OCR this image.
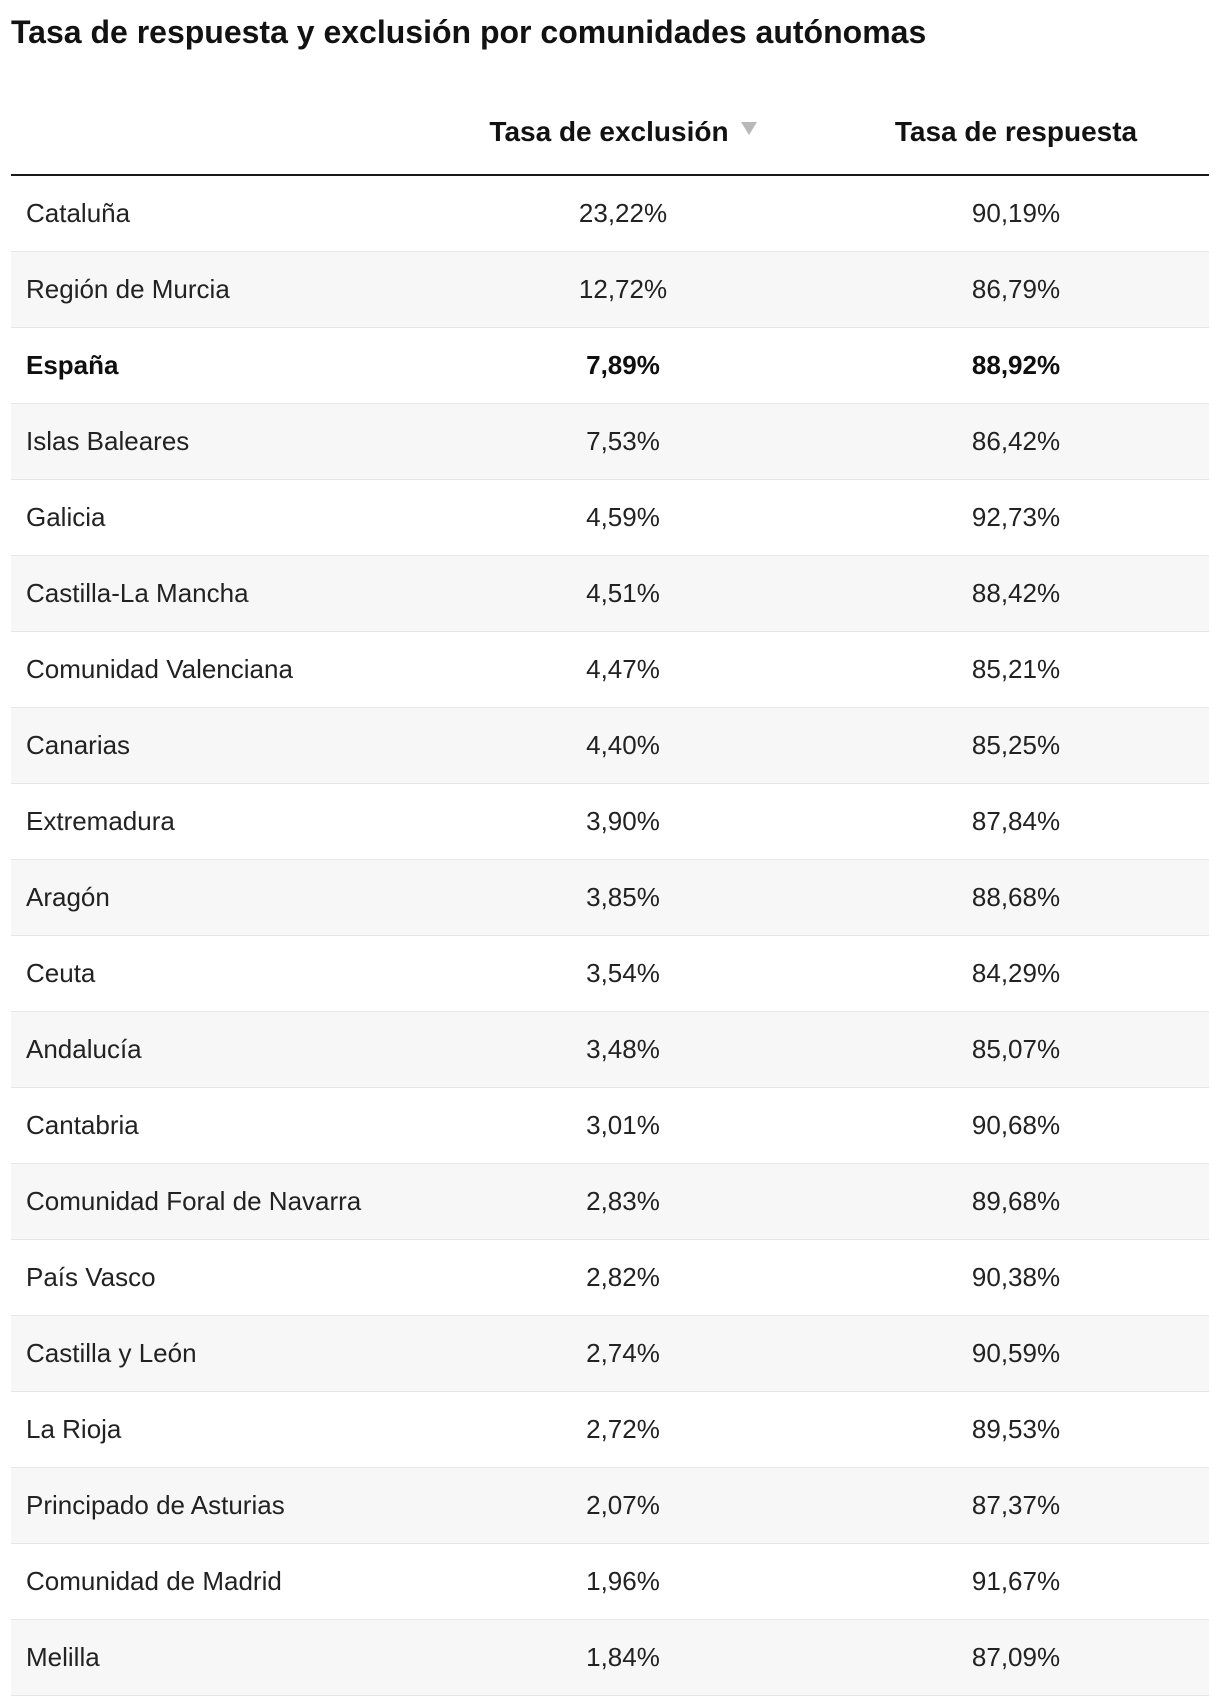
Tasa de respuesta y exclusión por comunidades autónomas
	Tasa de exclusión	Tasa de respuesta
Cataluña	23,22%	90,19%
Región de Murcia	12,72%	86,79%
España	7,89%	88,92%
Islas Baleares	7,53%	86,42%
Galicia	4,59%	92,73%
Castilla-La Mancha	4,51%	88,42%
Comunidad Valenciana	4,47%	85,21%
Canarias	4,40%	85,25%
Extremadura	3,90%	87,84%
Aragón	3,85%	88,68%
Ceuta	3,54%	84,29%
Andalucía	3,48%	85,07%
Cantabria	3,01%	90,68%
Comunidad Foral de Navarra	2,83%	89,68%
País Vasco	2,82%	90,38%
Castilla y León	2,74%	90,59%
La Rioja	2,72%	89,53%
Principado de Asturias	2,07%	87,37%
Comunidad de Madrid	1,96%	91,67%
Melilla	1,84%	87,09%
